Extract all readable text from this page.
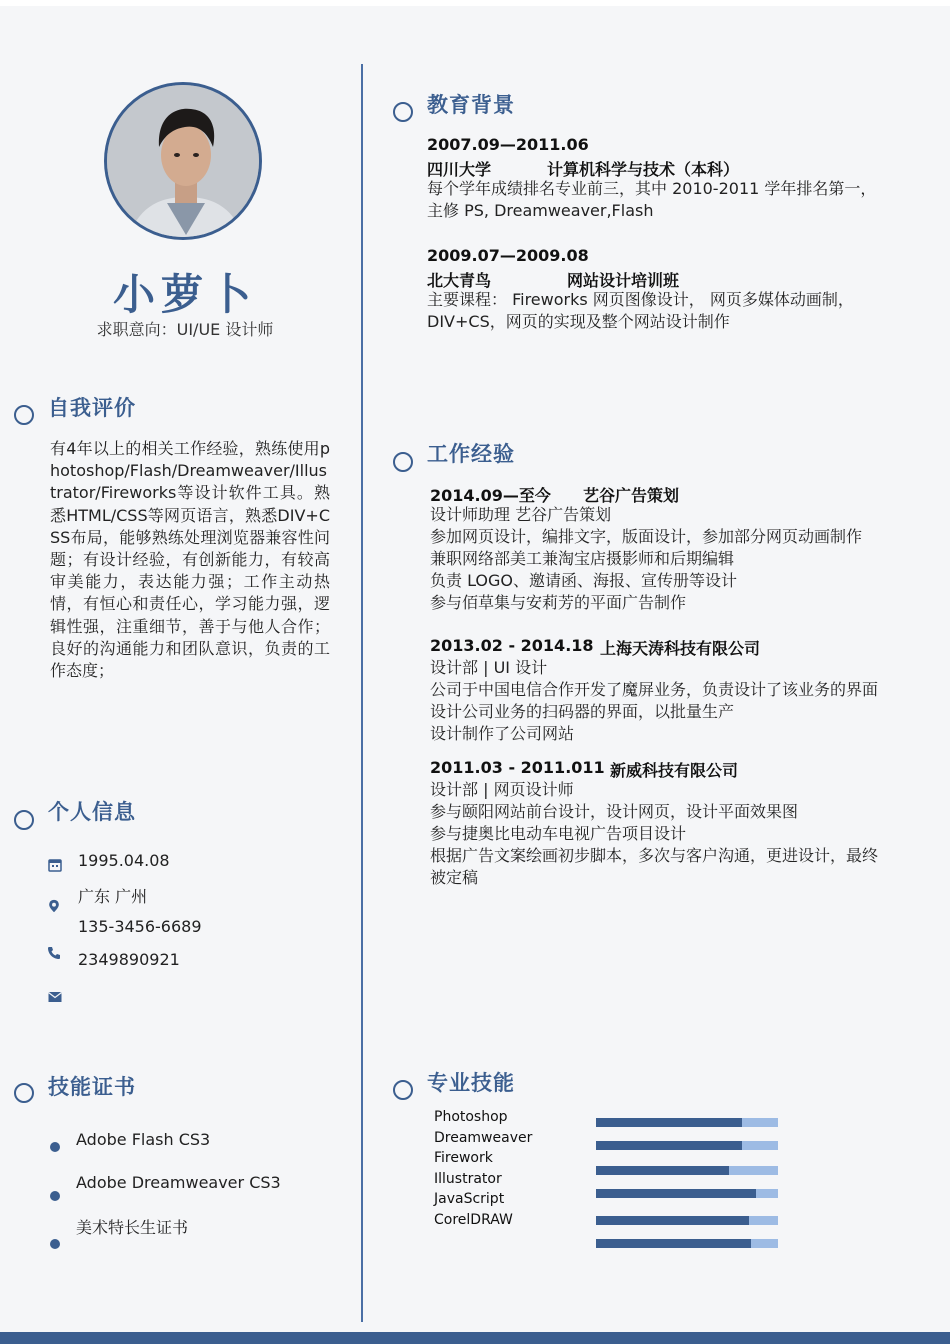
小萝卜
求职意向：UI/UE 设计师
自我评价
有4年以上的相关工作经验，熟练使用photoshop/Flash/Dreamweaver/Illustrator/Fireworks等设计软件工具。熟悉HTML/CSS等网页语言，熟悉DIV+CSS布局，能够熟练处理浏览器兼容性问题；有设计经验，有创新能力，有较高审美能力，表达能力强；工作主动热情，有恒心和责任心，学习能力强，逻辑性强，注重细节，善于与他人合作；良好的沟通能力和团队意识，负责的工作态度；
个人信息
1995.04.08
广东 广州
135-3456-6689
2349890921
技能证书
Adobe Flash CS3
Adobe Dreamweaver CS3
美术特长生证书
教育背景
2007.09—2011.06
四川大学	计算机科学与技术（本科）
每个学年成绩排名专业前三，其中 2010-2011 学年排名第一，
主修 PS, Dreamweaver,Flash
2009.07—2009.08
北大青鸟	网站设计培训班
主要课程： Fireworks 网页图像设计， 网页多媒体动画制，
DIV+CS，网页的实现及整个网站设计制作
工作经验
2014.09—至今 艺谷广告策划
设计师助理 艺谷广告策划
参加网页设计，编排文字，版面设计，参加部分网页动画制作
兼职网络部美工兼淘宝店摄影师和后期编辑
负责 LOGO、邀请函、海报、宣传册等设计
参与佰草集与安莉芳的平面广告制作
2013.02 - 2014.18 上海天涛科技有限公司
设计部 | UI 设计
公司于中国电信合作开发了魔屏业务，负责设计了该业务的界面
设计公司业务的扫码器的界面，以批量生产
设计制作了公司网站
2011.03 - 2011.011 新威科技有限公司
设计部 | 网页设计师
参与颐阳网站前台设计，设计网页，设计平面效果图
参与捷奥比电动车电视广告项目设计
根据广告文案绘画初步脚本，多次与客户沟通，更进设计，最终
被定稿
专业技能
Photoshop
Dreamweaver
Firework
Illustrator
JavaScript
CorelDRAW
